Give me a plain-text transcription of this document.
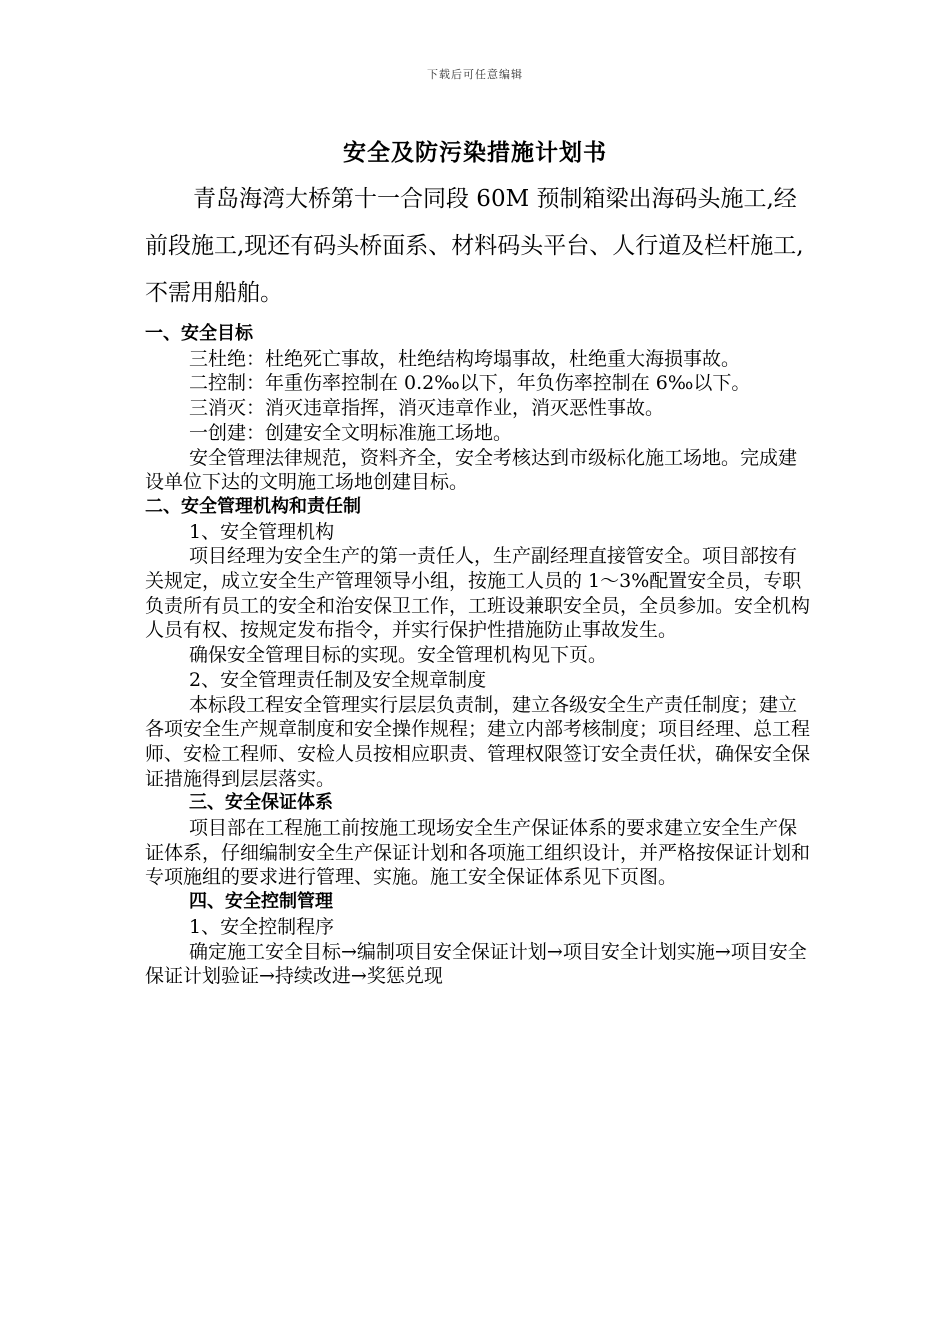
下载后可任意编辑
安全及防污染措施计划书

青岛海湾大桥第十一合同段 60M 预制箱梁出海码头施工,经前段施工,现还有码头桥面系、材料码头平台、人行道及栏杆施工,不需用船舶。

一、安全目标

三杜绝：杜绝死亡事故，杜绝结构垮塌事故，杜绝重大海损事故。

二控制：年重伤率控制在 0.2‰以下，年负伤率控制在 6‰以下。

三消灭：消灭违章指挥，消灭违章作业，消灭恶性事故。

一创建：创建安全文明标准施工场地。

安全管理法律规范，资料齐全，安全考核达到市级标化施工场地。完成建设单位下达的文明施工场地创建目标。

二、安全管理机构和责任制

1、安全管理机构

项目经理为安全生产的第一责任人，生产副经理直接管安全。项目部按有关规定，成立安全生产管理领导小组，按施工人员的 1～3%配置安全员，专职负责所有员工的安全和治安保卫工作，工班设兼职安全员，全员参加。安全机构人员有权、按规定发布指令，并实行保护性措施防止事故发生。

确保安全管理目标的实现。安全管理机构见下页。

2、安全管理责任制及安全规章制度

本标段工程安全管理实行层层负责制，建立各级安全生产责任制度；建立各项安全生产规章制度和安全操作规程；建立内部考核制度；项目经理、总工程师、安检工程师、安检人员按相应职责、管理权限签订安全责任状，确保安全保证措施得到层层落实。

三、安全保证体系

项目部在工程施工前按施工现场安全生产保证体系的要求建立安全生产保证体系，仔细编制安全生产保证计划和各项施工组织设计，并严格按保证计划和专项施组的要求进行管理、实施。施工安全保证体系见下页图。

四、安全控制管理

1、安全控制程序

确定施工安全目标→编制项目安全保证计划→项目安全计划实施→项目安全保证计划验证→持续改进→奖惩兑现
